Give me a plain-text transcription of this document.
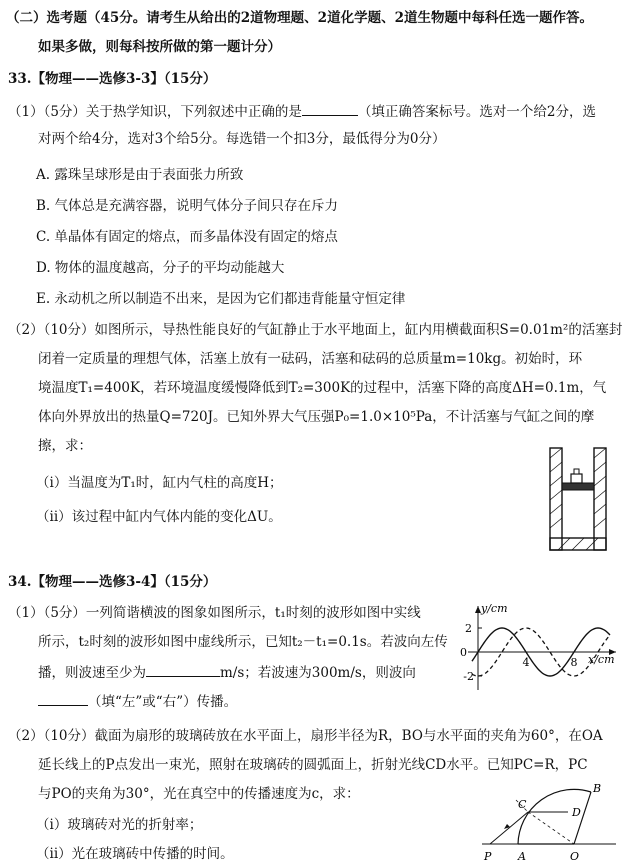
（二）选考题（45分。请考生从给出的2道物理题、2道化学题、2道生物题中每科任选一题作答。
如果多做，则每科按所做的第一题计分）
33.【物理——选修3-3】（15分）
（1）（5分）关于热学知识，下列叙述中正确的是	（填正确答案标号。选对一个给2分，选
对两个给4分，选对3个给5分。每选错一个扣3分，最低得分为0分）
A. 露珠呈球形是由于表面张力所致
B. 气体总是充满容器，说明气体分子间只存在斥力
C. 单晶体有固定的熔点，而多晶体没有固定的熔点
D. 物体的温度越高，分子的平均动能越大
E. 永动机之所以制造不出来，是因为它们都违背能量守恒定律
（2）（10分）如图所示，导热性能良好的气缸静止于水平地面上，缸内用横截面积S=0.01m²的活塞封
闭着一定质量的理想气体，活塞上放有一砝码，活塞和砝码的总质量m=10kg。初始时，环
境温度T₁=400K，若环境温度缓慢降低到T₂=300K的过程中，活塞下降的高度ΔH=0.1m，气
体向外界放出的热量Q=720J。已知外界大气压强P₀=1.0×10⁵Pa，不计活塞与气缸之间的摩
擦，求：
（i）当温度为T₁时，缸内气柱的高度H；
（ii）该过程中缸内气体内能的变化ΔU。
34.【物理——选修3-4】（15分）
（1）（5分）一列简谐横波的图象如图所示，t₁时刻的波形如图中实线
所示，t₂时刻的波形如图中虚线所示，已知t₂－t₁=0.1s。若波向左传
播，则波速至少为	m/s；若波速为300m/s，则波向
（填“左”或“右”）传播。
（2）（10分）截面为扇形的玻璃砖放在水平面上，扇形半径为R，BO与水平面的夹角为60°，在OA
延长线上的P点发出一束光，照射在玻璃砖的圆弧面上，折射光线CD水平。已知PC=R，PC
与PO的夹角为30°，光在真空中的传播速度为c，求：
（i）玻璃砖对光的折射率；
（ii）光在玻璃砖中传播的时间。
y/cm
x/cm
0
2
-2
4	8
P A	O
B
C
D
